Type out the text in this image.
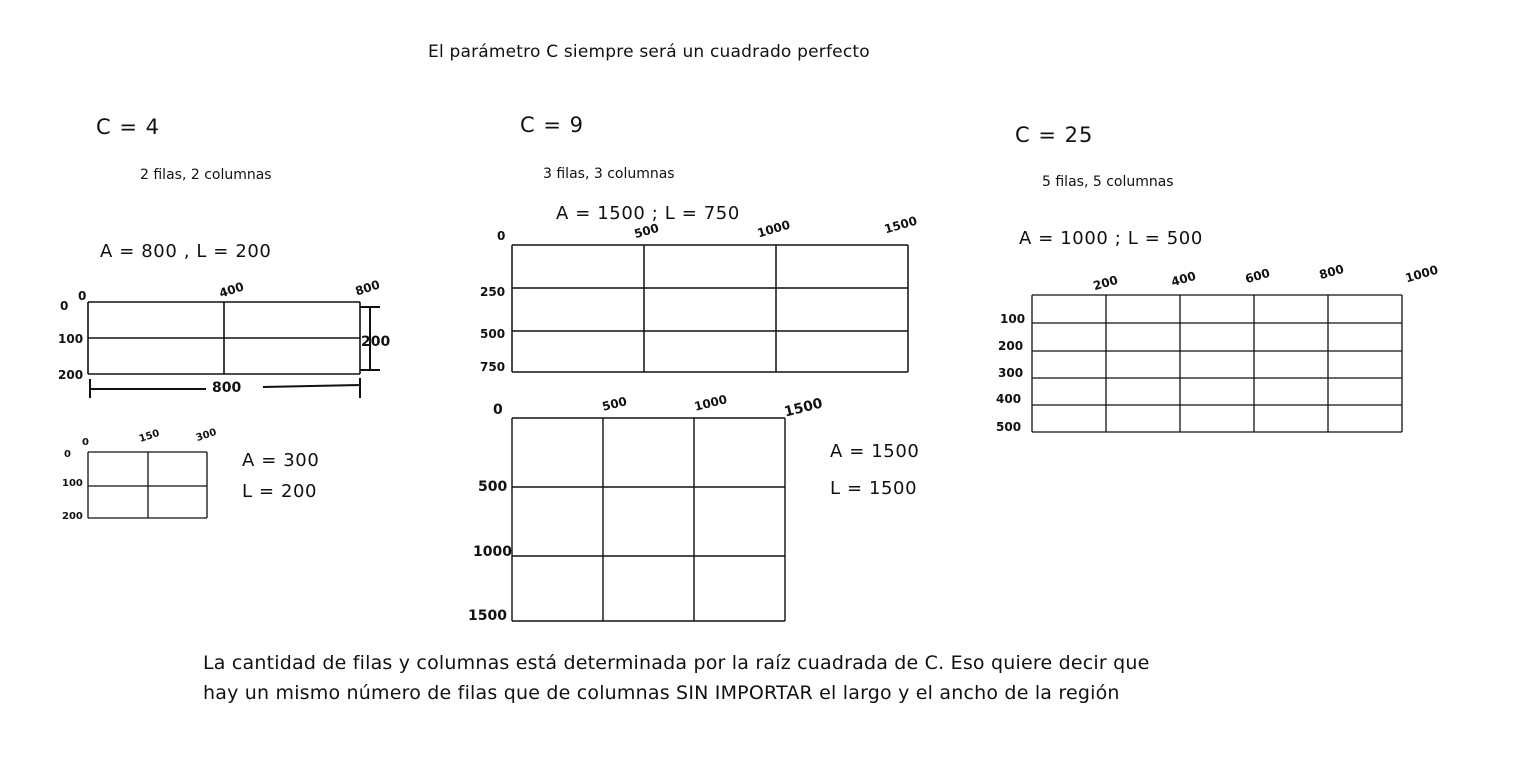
El parámetro C siempre será un cuadrado perfecto
C = 4
2 filas, 2 columnas
A = 800 , L = 200
0	400	800
0
100
200
200
800
0	150	300
0
100
200
A = 300
L = 200
C = 9
3 filas, 3 columnas
A = 1500 ; L = 750
0	500	1000	1500
250
500
750
0	500	1000	1500
500
1000
1500
A = 1500
L = 1500
C = 25
5 filas, 5 columnas
A = 1000 ; L = 500
200	400	600	800	1000
100
200
300
400
500
La cantidad de filas y columnas está determinada por la raíz cuadrada de C. Eso quiere decir que
hay un mismo número de filas que de columnas SIN IMPORTAR el largo y el ancho de la región
